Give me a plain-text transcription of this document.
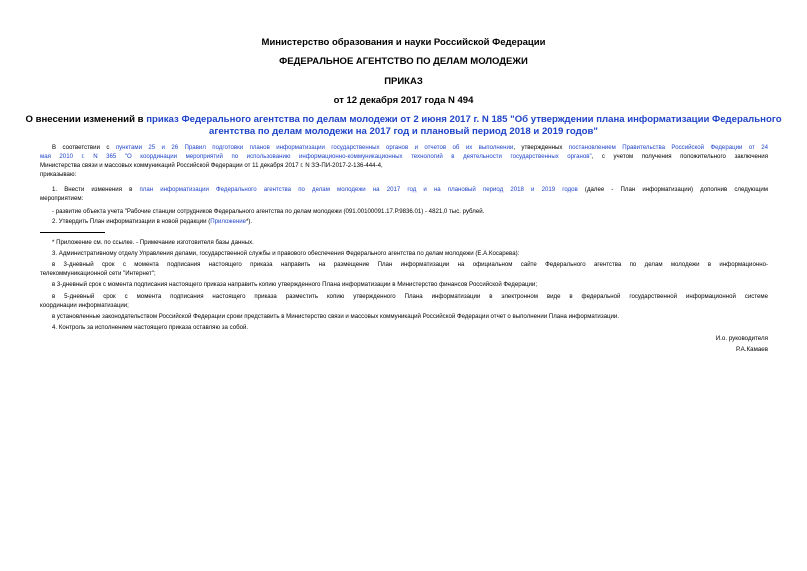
Министерство образования и науки Российской Федерации
ФЕДЕРАЛЬНОЕ АГЕНТСТВО ПО ДЕЛАМ МОЛОДЕЖИ
ПРИКАЗ
от 12 декабря 2017 года N 494
О внесении изменений в приказ Федерального агентства по делам молодежи от 2 июня 2017 г. N 185 "Об утверждении плана информатизации Федерального
агентства по делам молодежи на 2017 год и плановый период 2018 и 2019 годов"
В соответствии с пунктами 25 и 26 Правил подготовки планов информатизации государственных органов и отчетов об их выполнении, утвержденных постановлением Правительства Российской Федерации от 24
мая 2010 г. N 365 "О координации мероприятий по использованию информационно-коммуникационных технологий в деятельности государственных органов", с учетом получения положительного заключения
Министерства связи и массовых коммуникаций Российской Федерации от 11 декабря 2017 г. N ЗЭ-ПИ-2017-2-136-444-4,
приказываю:
1. Внести изменения в план информатизации Федерального агентства по делам молодежи на 2017 год и на плановый период 2018 и 2019 годов (далее - План информатизации) дополнив следующим
мероприятием:
- развитие объекта учета "Рабочие станции сотрудников Федерального агентства по делам молодежи (091.00100091.17.Р.9836.01) - 4821,0 тыс. рублей.
2. Утвердить План информатизации в новой редакции (Приложение*).
* Приложение см. по ссылке. - Примечание изготовителя базы данных.
3. Административному отделу Управления делами, государственной службы и правового обеспечения Федерального агентства по делам молодежи (Е.А.Косарева):
в 3-дневный срок с момента подписания настоящего приказа направить на размещение План информатизации на официальном сайте Федерального агентства по делам молодежи в информационно-
телекоммуникационной сети "Интернет";
в 3-дневный срок с момента подписания настоящего приказа направить копию утвержденного Плана информатизации в Министерство финансов Российской Федерации;
в 5-дневный срок с момента подписания настоящего приказа разместить копию утвержденного Плана информатизации в электронном виде в федеральной государственной информационной системе
координации информатизации;
в установленные законодательством Российской Федерации сроки представить в Министерство связи и массовых коммуникаций Российской Федерации отчет о выполнении Плана информатизации.
4. Контроль за исполнением настоящего приказа оставляю за собой.
И.о. руководителя
Р.А.Камаев
